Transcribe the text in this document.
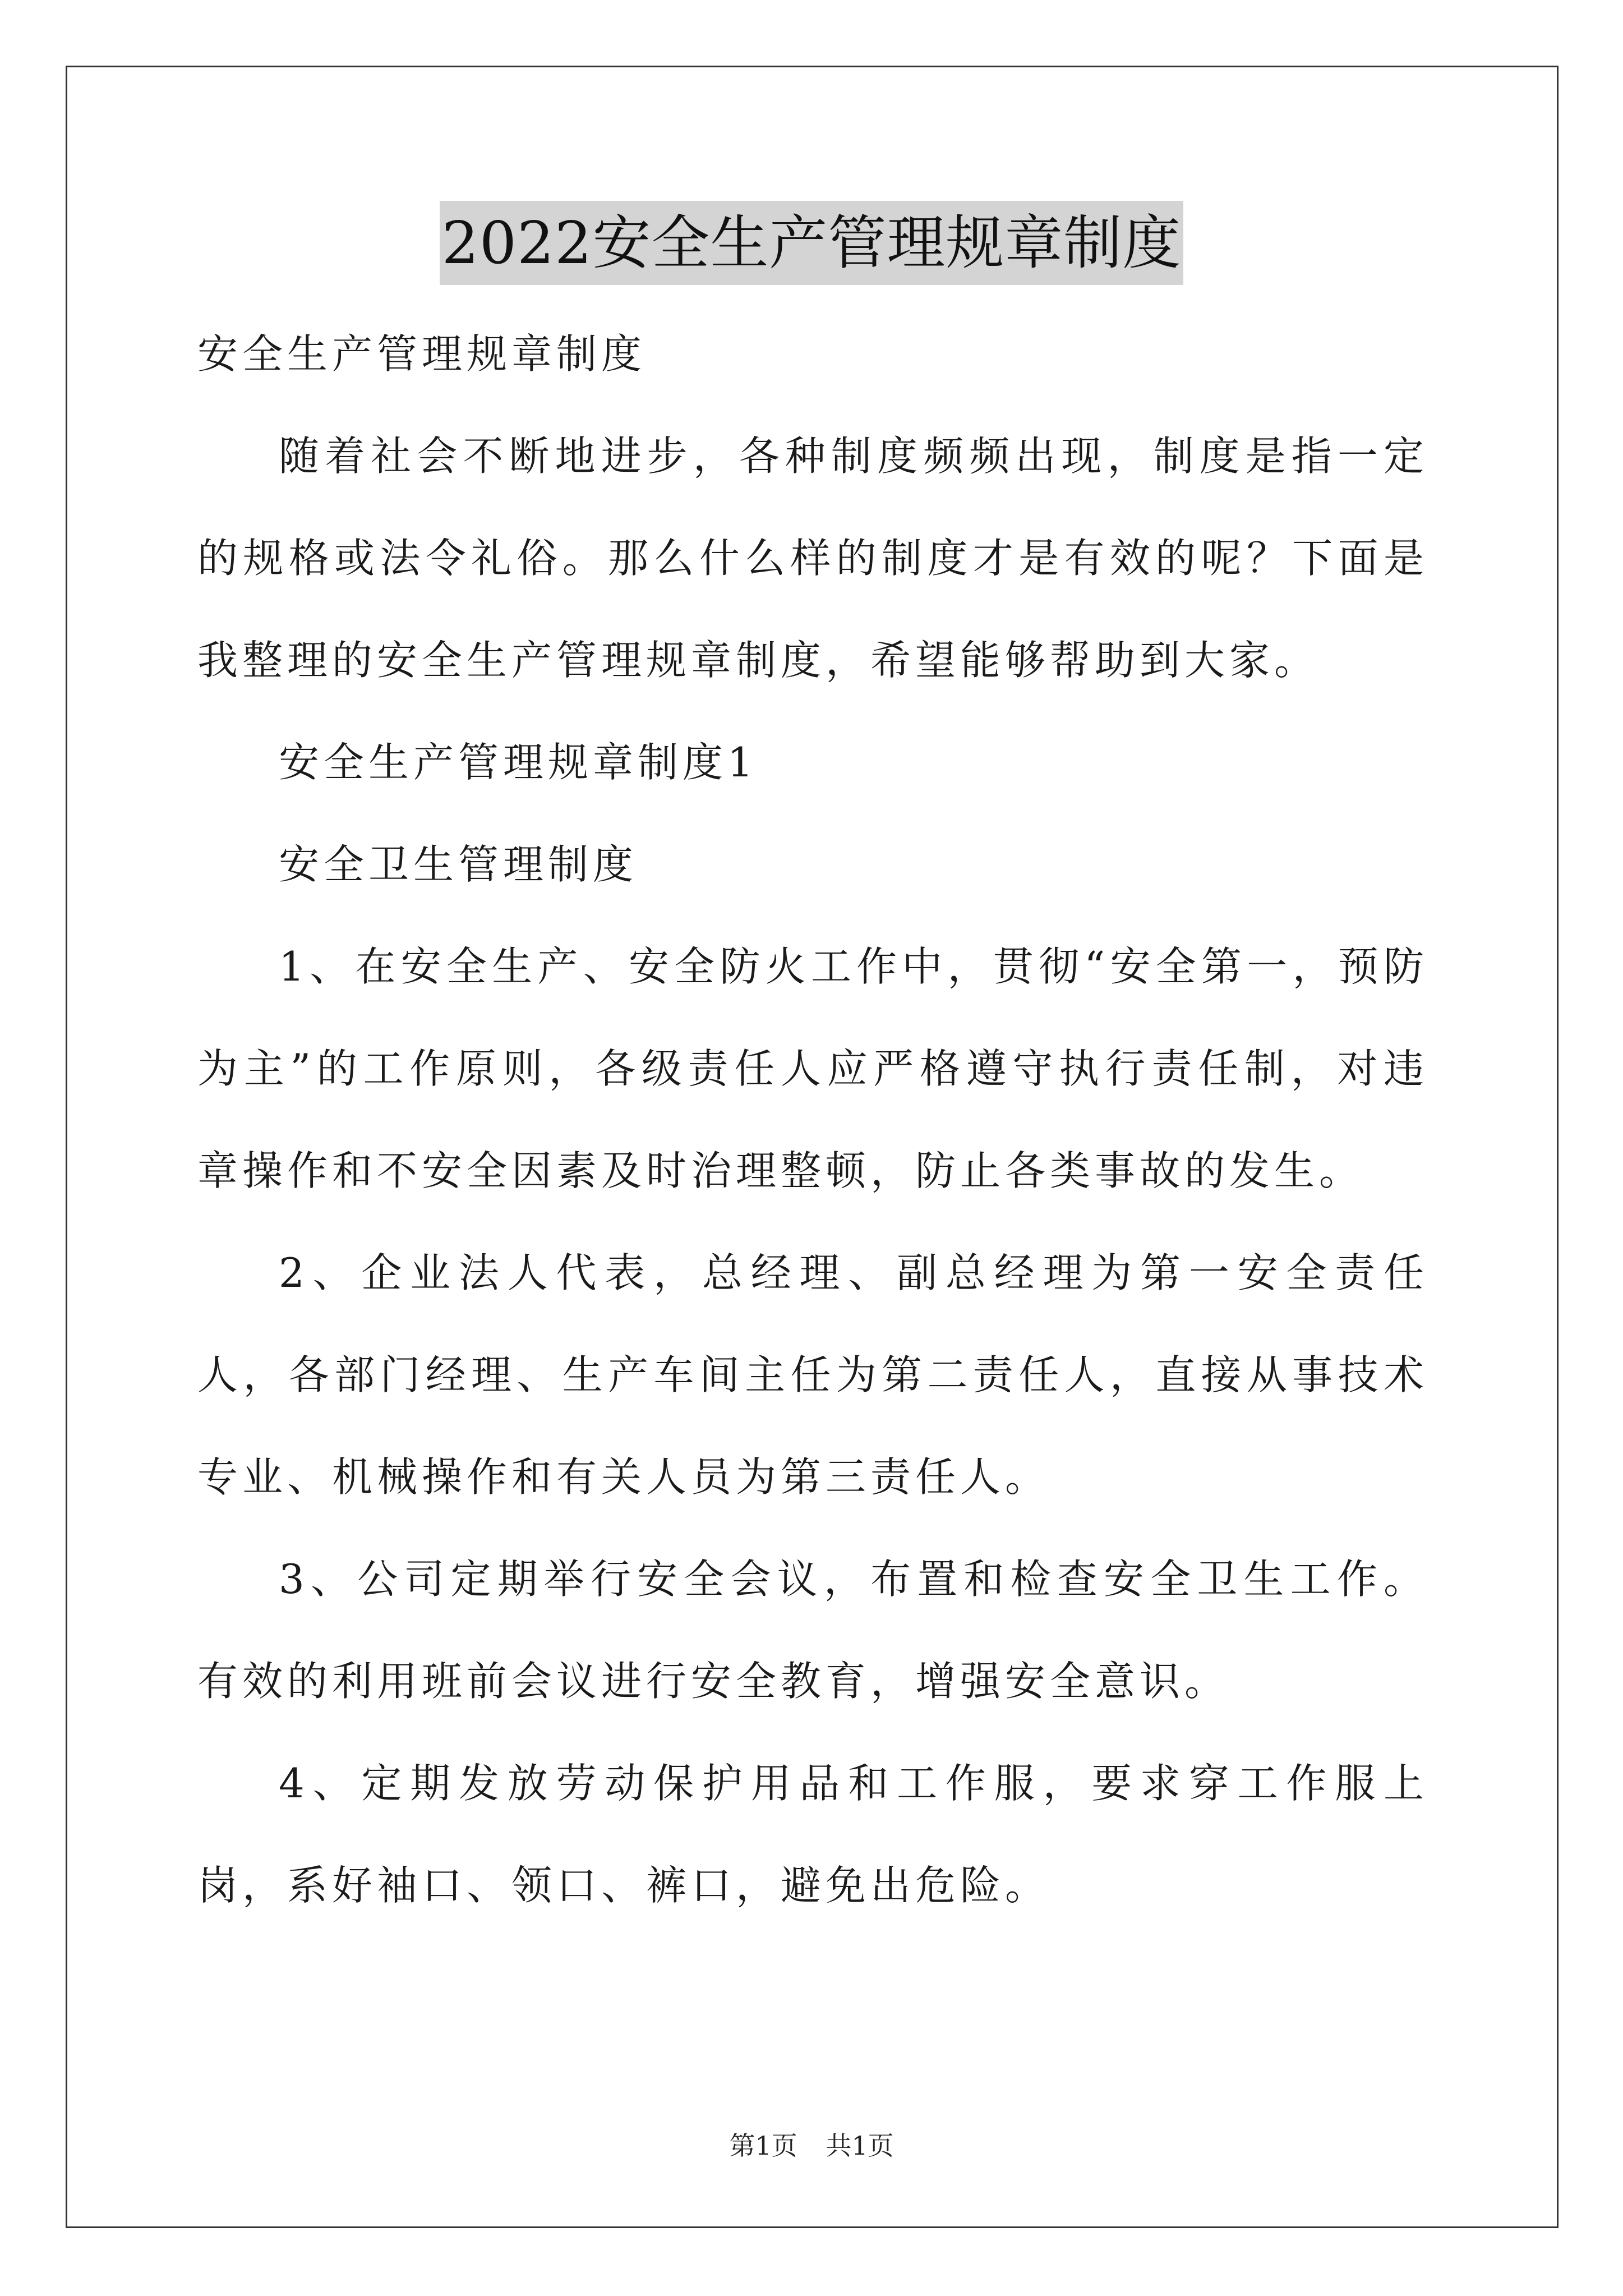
2022安全生产管理规章制度

安全生产管理规章制度

随着社会不断地进步，各种制度频频出现，制度是指一定的规格或法令礼俗。那么什么样的制度才是有效的呢？下面是我整理的安全生产管理规章制度，希望能够帮助到大家。

安全生产管理规章制度1

安全卫生管理制度

1、在安全生产、安全防火工作中，贯彻“安全第一，预防为主”的工作原则，各级责任人应严格遵守执行责任制，对违章操作和不安全因素及时治理整顿，防止各类事故的发生。

2、企业法人代表，总经理、副总经理为第一安全责任人，各部门经理、生产车间主任为第二责任人，直接从事技术专业、机械操作和有关人员为第三责任人。

3、公司定期举行安全会议，布置和检查安全卫生工作。有效的利用班前会议进行安全教育，增强安全意识。

4、定期发放劳动保护用品和工作服，要求穿工作服上岗，系好袖口、领口、裤口，避免出危险。

第1页 共1页
